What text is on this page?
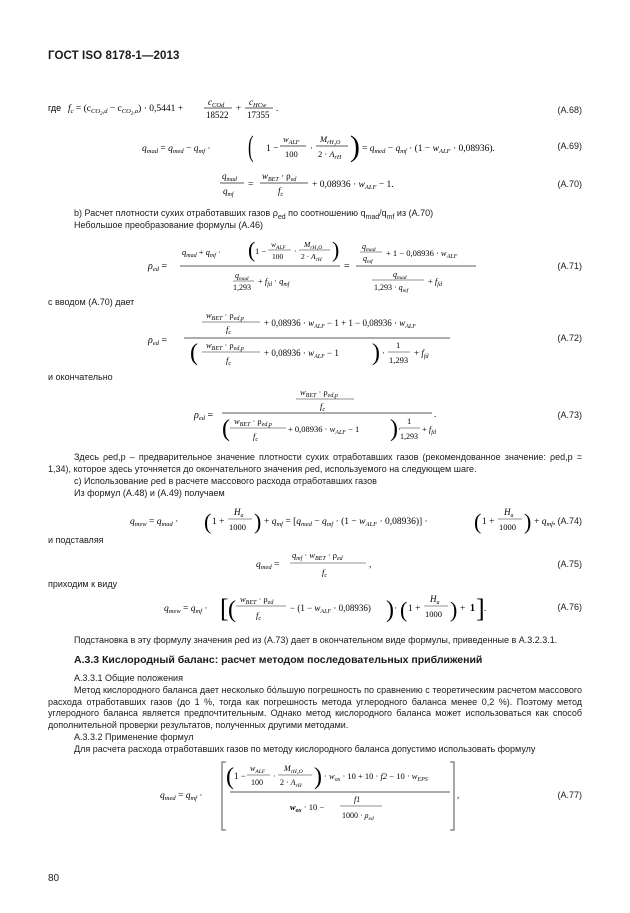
ГОСТ ISO 8178-1—2013
где $f_c = (c_{CO2}^{,d} - c_{CO2}^{,a}) \cdot 0,5441$ +
$c_{COd}$
18522
+
$c_{HCw}$
17355
.	(A.68)
$q_{mad} = q_{med} - q_{mf}$ · ( 1 −
$w_{ALF}$
100
·
$M_{rH2}^O$
$2 \cdot A_{rH}$ ) = $q_{med} - q_{mf} \cdot (1 - w_{ALF} \cdot 0,08936)$.	(A.69)
$q_{mad}$
$q_{mf}$
=
$w_{BET} \cdot \rho_{ed}$
$f_c$
+ $0,08936 \cdot w_{ALF} - 1$.	(A.70)
b) Расчет плотности сухих отработавших газов $\rho_{ed}$ по соотношению $q_{mad}/q_{mf}$ из (А.70)
Небольшое преобразование формулы (А.46)
$\rho_{ed}$ =
$q_{mad} + q_{mf}$ · ( 1 −
$w_{ALF}$
100
·
$M_{rH_2O}$
$2 \cdot A_{rH}$ )
$q_{mad}$
1,293
+ $f_{fd} \cdot q_{mf}$
=
$q_{mad}$
$q_{mf}$
+ $1 - 0,08936 \cdot w_{ALF}$
$q_{mad}$
$1,293 \cdot q_{mf}$
+ $f_{fd}$
(A.71)
с вводом (А.70) дает
$\rho_{ed}$ =
$w_{BET} \cdot \rho_{ed,p}$
$f_c$
+ $0,08936 \cdot w_{ALF} - 1 + 1 - 0,08936 \cdot w_{ALF}$
( $w_{BET} \cdot \rho_{ed,p}$
$f_c$
+ $0,08936 \cdot w_{ALF} - 1$ ) ·
1
1,293
+ $f_{fd}$
(A.72)
и окончательно
$\rho_{ed}$ =
$w_{BET} \cdot \rho_{ed,p}$
$f_c$
( $w_{BET} \cdot \rho_{ed,p}$
$f_c$
+ $0,08936 \cdot w_{ALF} - 1$ ) ·
1
1,293
+ $f_{fd}$
.	(A.73)
Здесь ρed,p – предварительное значение плотности сухих отработавших газов (рекомендованное значение: ρed,p = 1,34), которое здесь уточняется до окончательного значения ρed, используемого на следующем шаге.
с) Использование ρed в расчете массового расхода отработавших газов
Из формул (А.48) и (А.49) получаем
$q_{mew} = q_{mad}$ · ( 1 +
$H_a$
1000 ) + $q_{mf} = [q_{med} - q_{mf} \cdot (1 - w_{ALF} \cdot 0,08936)]$ · ( 1 +
$H_a$
1000 ) + $q_{mf}$, (A.74)
и подставляя
$q_{med}$ =
$q_{mf} \cdot w_{BET} \cdot \rho_{ed}$
$f_c$
,	(A.75)
приходим к виду
$q_{mew} = q_{mf}$ · [ ( $w_{BET} \cdot \rho_{ed}$
$f_c$
− $(1 - w_{ALF} \cdot 0,08936)$ ) · ( 1 +
$H_a$
1000 ) + 1 ] .	(A.76)
Подстановка в эту формулу значения ρed из (А.73) дает в окончательном виде формулы, приведенные в А.3.2.3.1.
А.3.3 Кислородный баланс: расчет методом последовательных приближений
А.3.3.1 Общие положения
Метод кислородного баланса дает несколько бо́льшую погрешность по сравнению с теоретическим расчетом массового расхода отработавших газов (до 1 %, тогда как погрешность метода углеродного баланса менее 0,2 %). Поэтому метод углеродного баланса является предпочтительным. Однако метод кислородного баланса может использоваться как способ дополнительной проверки результатов, полученных другими методами.
А.3.3.2 Применение формул
Для расчета расхода отработавших газов по методу кислородного баланса допустимо использовать формулу
$q_{med} = q_{mf}$ ·
( 1 −
$w_{ALF}$
100
·
$M_{rH_2O}$
$2 \cdot A_{rH}$ ) · $w_{ox} \cdot 10 + 10 \cdot f2 - 10 \cdot w_{EPS}$
$w_{ox} \cdot 10$ −
f1
$1000 \cdot \rho_{ed}$
,	(A.77)
80
